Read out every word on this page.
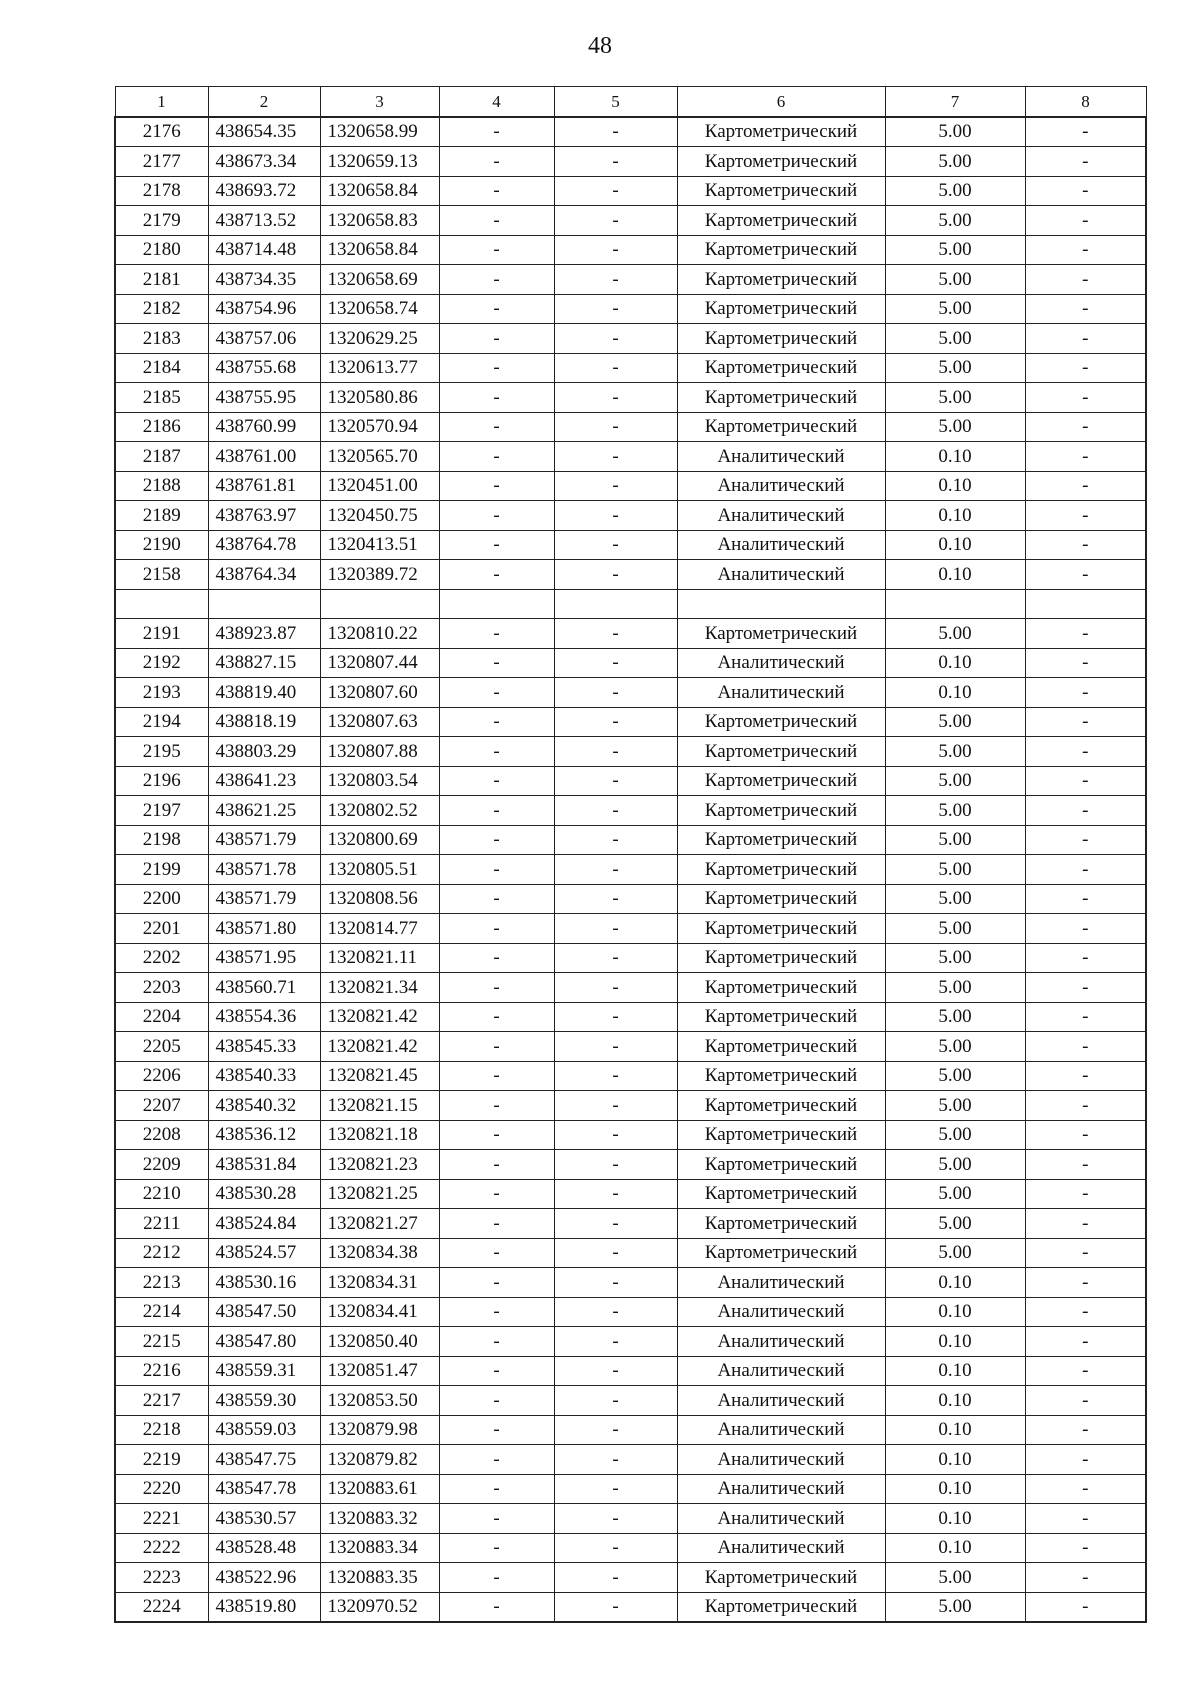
48
1	2	3	4	5	6	7	8
2176	438654.35	1320658.99	-	-	Картометрический	5.00	-
2177	438673.34	1320659.13	-	-	Картометрический	5.00	-
2178	438693.72	1320658.84	-	-	Картометрический	5.00	-
2179	438713.52	1320658.83	-	-	Картометрический	5.00	-
2180	438714.48	1320658.84	-	-	Картометрический	5.00	-
2181	438734.35	1320658.69	-	-	Картометрический	5.00	-
2182	438754.96	1320658.74	-	-	Картометрический	5.00	-
2183	438757.06	1320629.25	-	-	Картометрический	5.00	-
2184	438755.68	1320613.77	-	-	Картометрический	5.00	-
2185	438755.95	1320580.86	-	-	Картометрический	5.00	-
2186	438760.99	1320570.94	-	-	Картометрический	5.00	-
2187	438761.00	1320565.70	-	-	Аналитический	0.10	-
2188	438761.81	1320451.00	-	-	Аналитический	0.10	-
2189	438763.97	1320450.75	-	-	Аналитический	0.10	-
2190	438764.78	1320413.51	-	-	Аналитический	0.10	-
2158	438764.34	1320389.72	-	-	Аналитический	0.10	-

2191	438923.87	1320810.22	-	-	Картометрический	5.00	-
2192	438827.15	1320807.44	-	-	Аналитический	0.10	-
2193	438819.40	1320807.60	-	-	Аналитический	0.10	-
2194	438818.19	1320807.63	-	-	Картометрический	5.00	-
2195	438803.29	1320807.88	-	-	Картометрический	5.00	-
2196	438641.23	1320803.54	-	-	Картометрический	5.00	-
2197	438621.25	1320802.52	-	-	Картометрический	5.00	-
2198	438571.79	1320800.69	-	-	Картометрический	5.00	-
2199	438571.78	1320805.51	-	-	Картометрический	5.00	-
2200	438571.79	1320808.56	-	-	Картометрический	5.00	-
2201	438571.80	1320814.77	-	-	Картометрический	5.00	-
2202	438571.95	1320821.11	-	-	Картометрический	5.00	-
2203	438560.71	1320821.34	-	-	Картометрический	5.00	-
2204	438554.36	1320821.42	-	-	Картометрический	5.00	-
2205	438545.33	1320821.42	-	-	Картометрический	5.00	-
2206	438540.33	1320821.45	-	-	Картометрический	5.00	-
2207	438540.32	1320821.15	-	-	Картометрический	5.00	-
2208	438536.12	1320821.18	-	-	Картометрический	5.00	-
2209	438531.84	1320821.23	-	-	Картометрический	5.00	-
2210	438530.28	1320821.25	-	-	Картометрический	5.00	-
2211	438524.84	1320821.27	-	-	Картометрический	5.00	-
2212	438524.57	1320834.38	-	-	Картометрический	5.00	-
2213	438530.16	1320834.31	-	-	Аналитический	0.10	-
2214	438547.50	1320834.41	-	-	Аналитический	0.10	-
2215	438547.80	1320850.40	-	-	Аналитический	0.10	-
2216	438559.31	1320851.47	-	-	Аналитический	0.10	-
2217	438559.30	1320853.50	-	-	Аналитический	0.10	-
2218	438559.03	1320879.98	-	-	Аналитический	0.10	-
2219	438547.75	1320879.82	-	-	Аналитический	0.10	-
2220	438547.78	1320883.61	-	-	Аналитический	0.10	-
2221	438530.57	1320883.32	-	-	Аналитический	0.10	-
2222	438528.48	1320883.34	-	-	Аналитический	0.10	-
2223	438522.96	1320883.35	-	-	Картометрический	5.00	-
2224	438519.80	1320970.52	-	-	Картометрический	5.00	-
